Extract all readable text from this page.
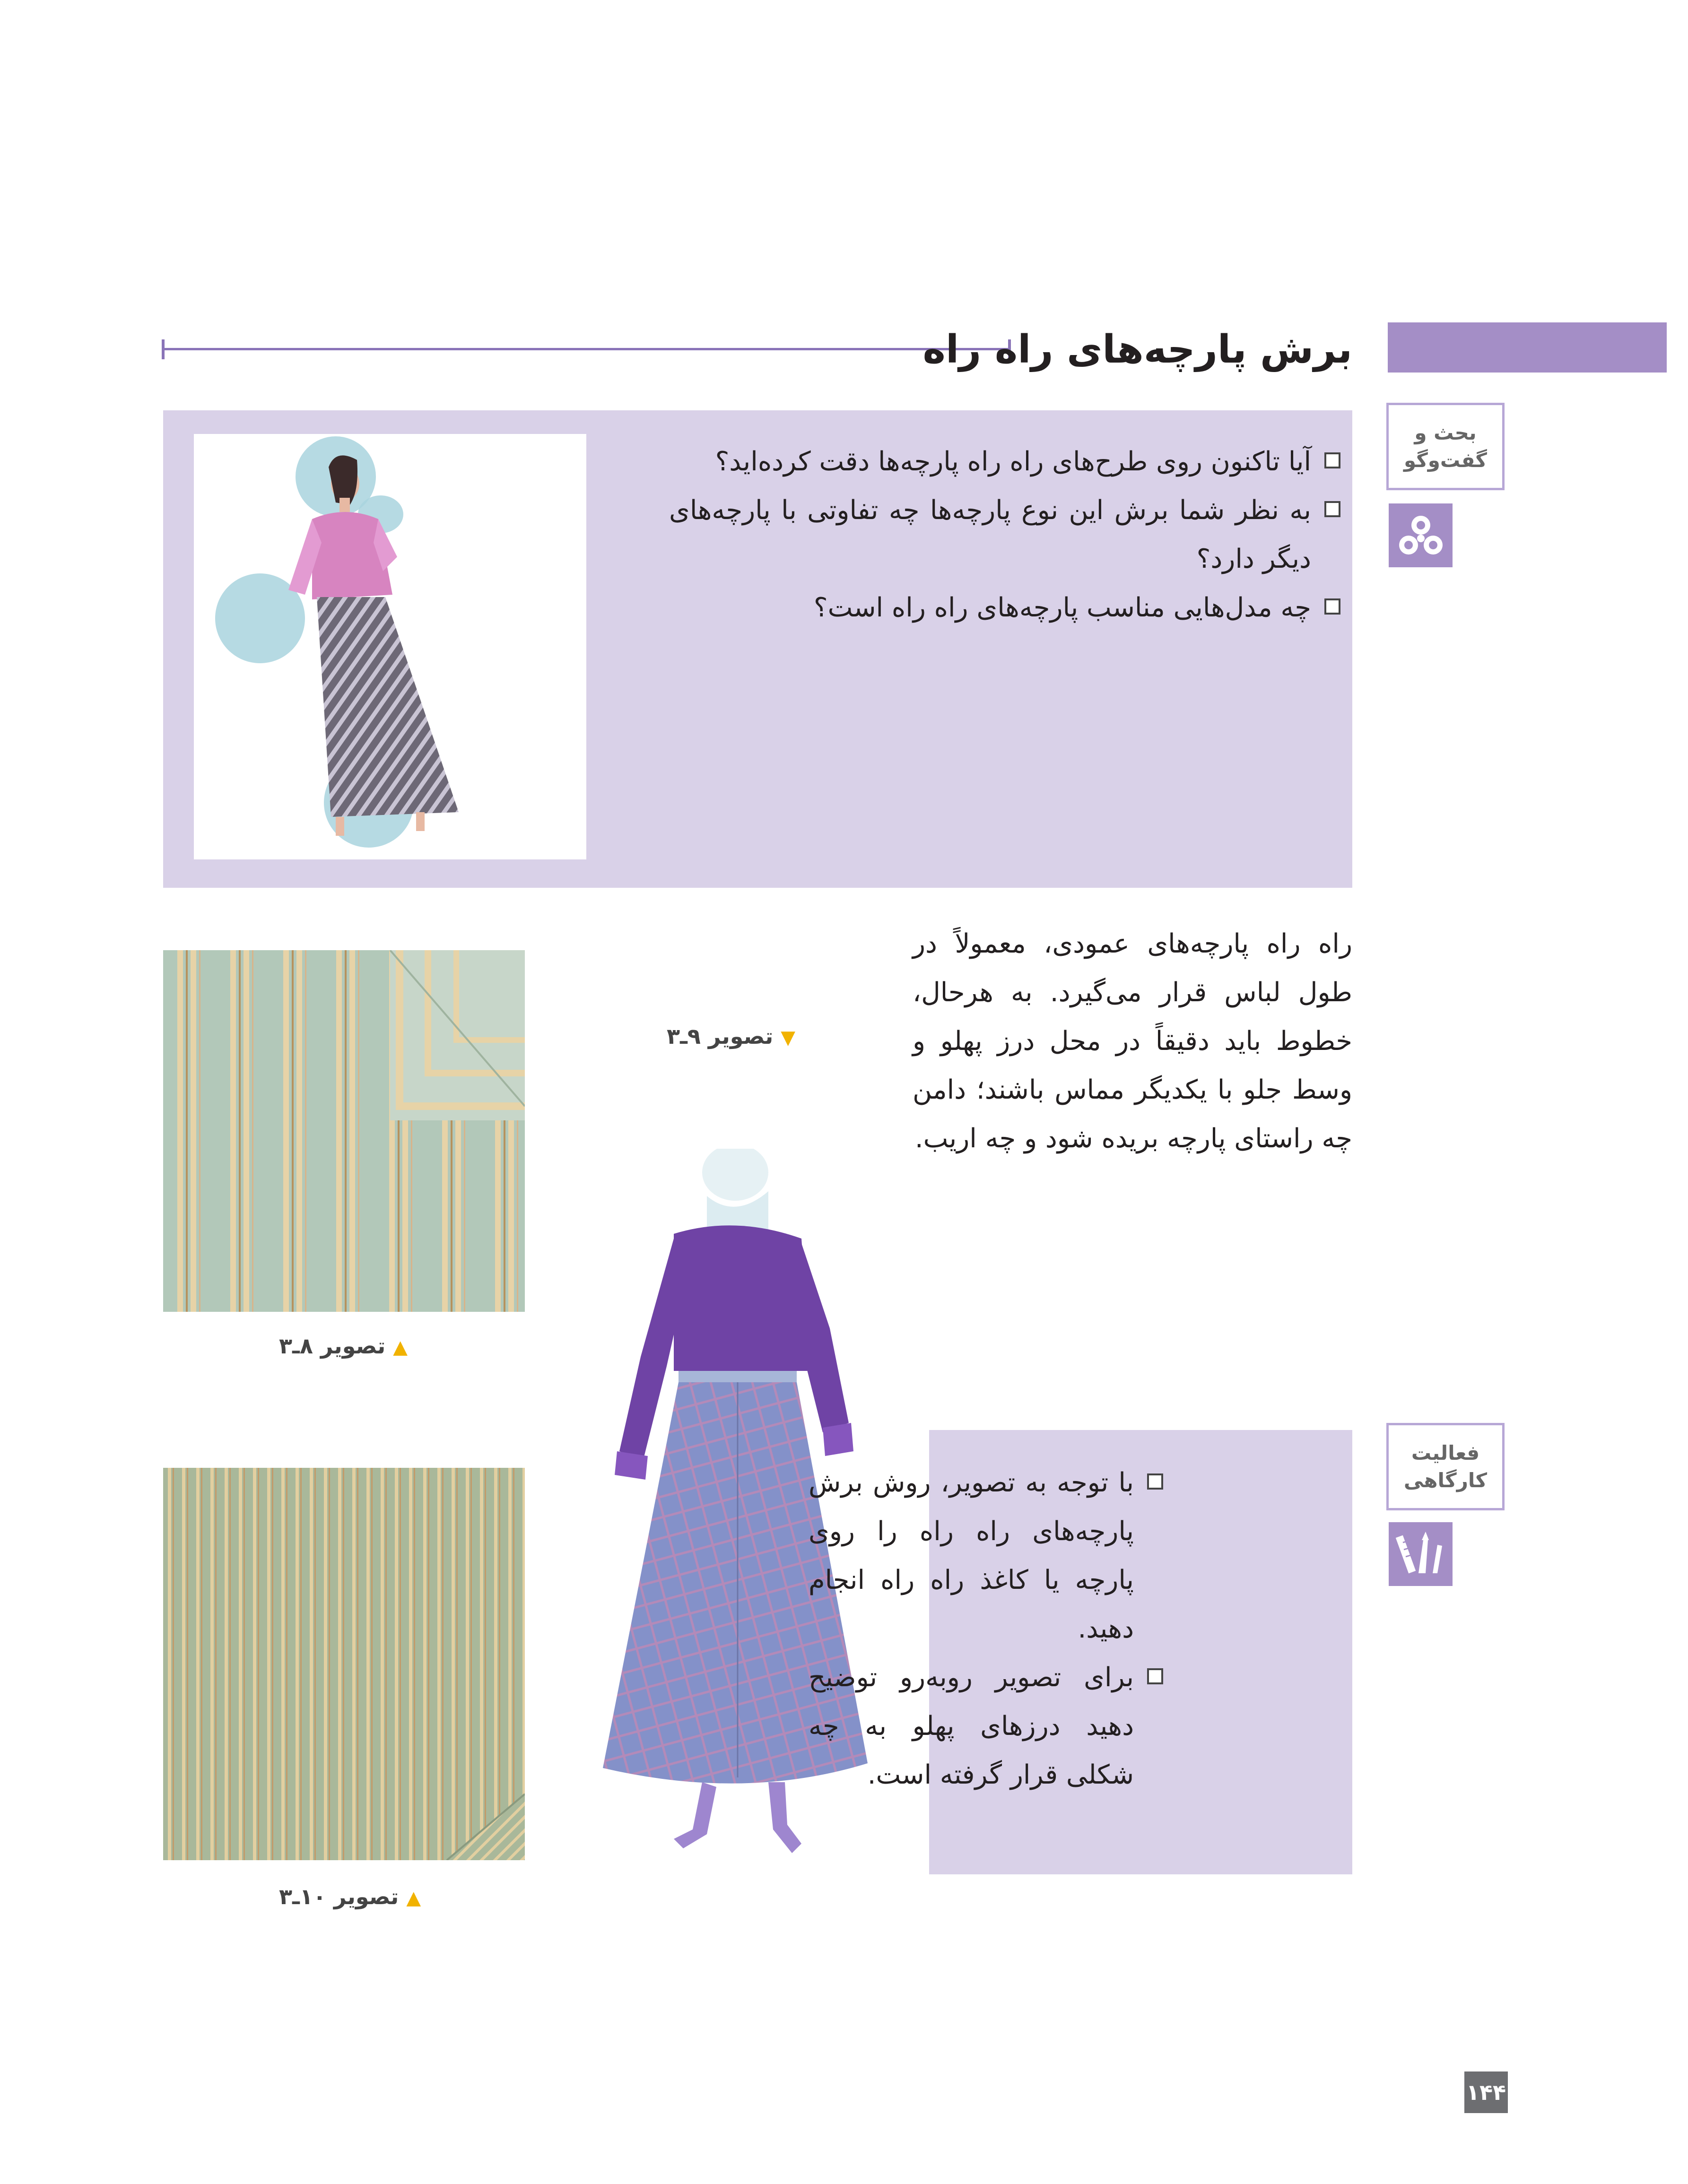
برش پارچه‌های راه راه
بحث و گفت‌وگو
آیا تاکنون روی طرح‌های راه راه پارچه‌ها دقت کرده‌اید؟
به نظر شما برش این نوع پارچه‌ها چه تفاوتی با پارچه‌های دیگر دارد؟
چه مدل‌هایی مناسب پارچه‌های راه راه است؟
راه راه پارچه‌های عمودی، معمولاً در طول لباس قرار می‌گیرد. به هرحال، خطوط باید دقیقاً در محل درز پهلو و وسط جلو با یکدیگر مماس باشند؛ دامن چه راستای پارچه بریده شود و چه اریب.
▲ تصویر ۸ـ۳
▼ تصویر ۹ـ۳
▲ تصویر ۱۰ـ۳
فعالیت کارگاهی
با توجه به تصویر، روش برش پارچه‌های راه راه را روی پارچه یا کاغذ راه راه انجام دهید.
برای تصویر روبه‌رو توضیح دهید درزهای پهلو به چه شکلی قرار گرفته است.
۱۴۴
